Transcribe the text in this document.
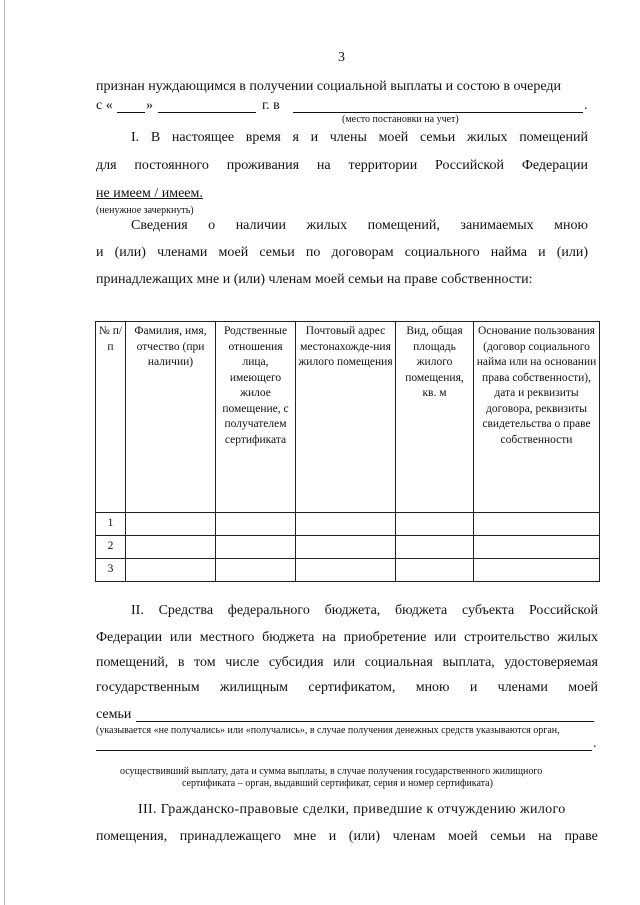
3
признан нуждающимся в получении социальной выплаты и состою в очереди
с « »	г. в	.
(место постановки на учет)
I. В настоящее время я и члены моей семьи жилых помещений
для постоянного проживания на территории Российской Федерации
не имеем / имеем.
(ненужное зачеркнуть)
Сведения о наличии жилых помещений, занимаемых мною
и (или) членами моей семьи по договорам социального найма и (или)
принадлежащих мне и (или) членам моей семьи на праве собственности:
№ п/п	Фамилия, имя, отчество (при наличии)	Родственные отношения лица, имеющего жилое помещение, с получателем сертификата	Почтовый адрес местонахожде-ния жилого помещения	Вид, общая площадь жилого помещения, кв. м	Основание пользования (договор социального найма или на основании права собственности), дата и реквизиты договора, реквизиты свидетельства о праве собственности

1					
2					
3					
II. Средства федерального бюджета, бюджета субъекта Российской
Федерации или местного бюджета на приобретение или строительство жилых
помещений, в том числе субсидия или социальная выплата, удостоверяемая
государственным жилищным сертификатом, мною и членами моей
семьи
(указывается «не получались» или «получались», в случае получения денежных средств указываются орган,
.
осуществивший выплату, дата и сумма выплаты, в случае получения государственного жилищного
сертификата – орган, выдавший сертификат, серия и номер сертификата)
III. Гражданско-правовые сделки, приведшие к отчуждению жилого
помещения, принадлежащего мне и (или) членам моей семьи на праве
